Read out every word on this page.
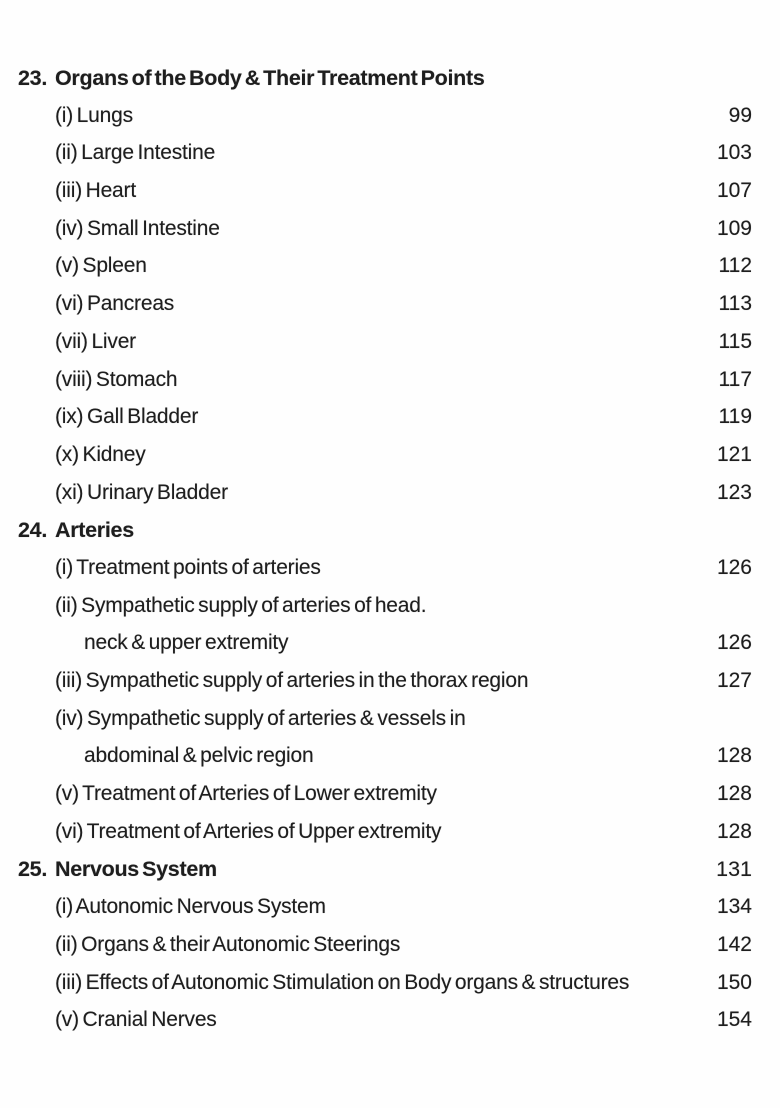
23. Organs of the Body & Their Treatment Points
(i) Lungs	99
(ii) Large Intestine	103
(iii) Heart	107
(iv) Small Intestine	109
(v) Spleen	112
(vi) Pancreas	113
(vii) Liver	115
(viii) Stomach	117
(ix) Gall Bladder	119
(x) Kidney	121
(xi) Urinary Bladder	123
24. Arteries
(i) Treatment points of arteries	126
(ii) Sympathetic supply of arteries of head.
neck & upper extremity	126
(iii) Sympathetic supply of arteries in the thorax region	127
(iv) Sympathetic supply of arteries & vessels in
abdominal & pelvic region	128
(v) Treatment of Arteries of Lower extremity	128
(vi) Treatment of Arteries of Upper extremity	128
25. Nervous System	131
(i) Autonomic Nervous System	134
(ii) Organs & their Autonomic Steerings	142
(iii) Effects of Autonomic Stimulation on Body organs & structures	150
(v) Cranial Nerves	154
